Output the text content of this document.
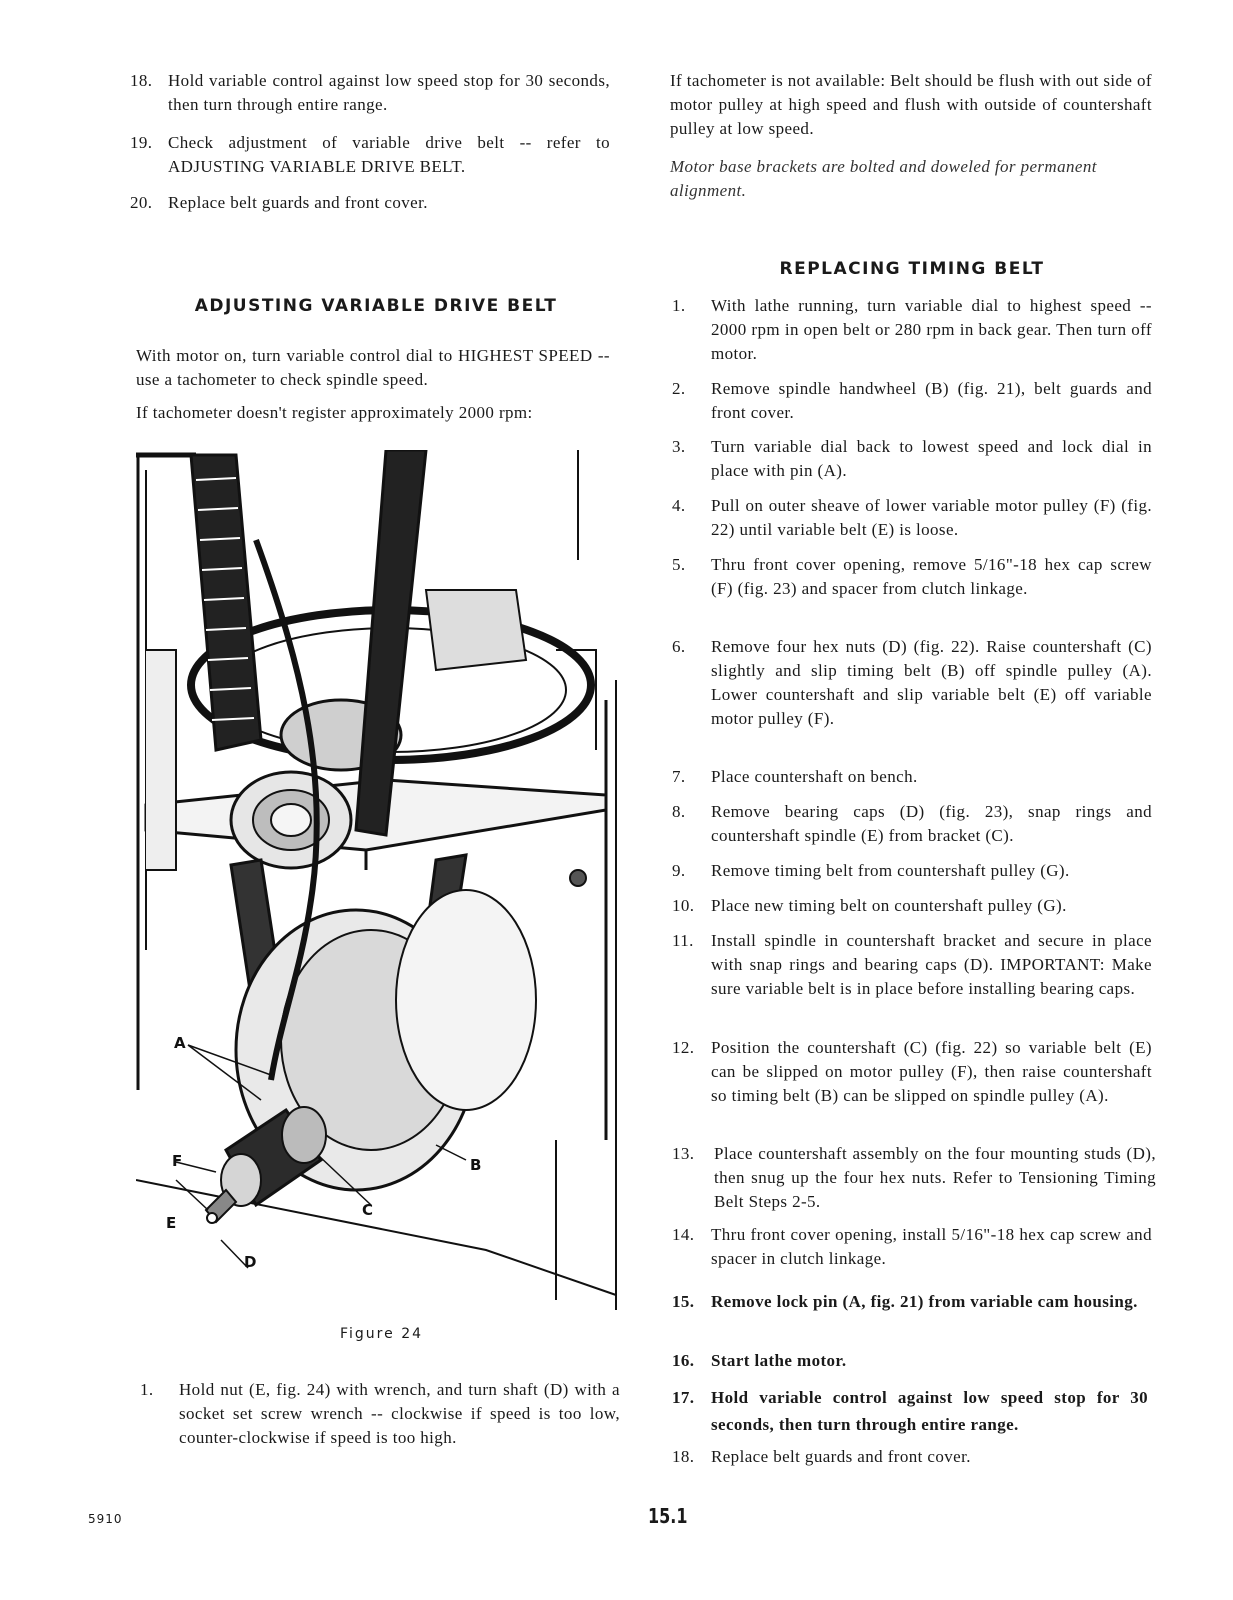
18. Hold variable control against low speed stop for 30 seconds, then turn through entire range.
19. Check adjustment of variable drive belt -- refer to ADJUSTING VARIABLE DRIVE BELT.
20. Replace belt guards and front cover.
If tachometer is not available: Belt should be flush with out side of motor pulley at high speed and flush with outside of countershaft pulley at low speed.
Motor base brackets are bolted and doweled for permanent alignment.
ADJUSTING VARIABLE DRIVE BELT
With motor on, turn variable control dial to HIGHEST SPEED -- use a tachometer to check spindle speed.
If tachometer doesn't register approximately 2000 rpm:
A
B
C
D
E
F
Figure 24
1. Hold nut (E, fig. 24) with wrench, and turn shaft (D) with a socket set screw wrench -- clockwise if speed is too low, counter-clockwise if speed is too high.
REPLACING TIMING BELT
1. With lathe running, turn variable dial to highest speed -- 2000 rpm in open belt or 280 rpm in back gear. Then turn off motor.
2. Remove spindle handwheel (B) (fig. 21), belt guards and front cover.
3. Turn variable dial back to lowest speed and lock dial in place with pin (A).
4. Pull on outer sheave of lower variable motor pulley (F) (fig. 22) until variable belt (E) is loose.
5. Thru front cover opening, remove 5/16"-18 hex cap screw (F) (fig. 23) and spacer from clutch linkage.
6. Remove four hex nuts (D) (fig. 22). Raise countershaft (C) slightly and slip timing belt (B) off spindle pulley (A). Lower countershaft and slip variable belt (E) off variable motor pulley (F).
7. Place countershaft on bench.
8. Remove bearing caps (D) (fig. 23), snap rings and countershaft spindle (E) from bracket (C).
9. Remove timing belt from countershaft pulley (G).
10. Place new timing belt on countershaft pulley (G).
11. Install spindle in countershaft bracket and secure in place with snap rings and bearing caps (D). IMPORTANT: Make sure variable belt is in place before installing bearing caps.
12. Position the countershaft (C) (fig. 22) so variable belt (E) can be slipped on motor pulley (F), then raise countershaft so timing belt (B) can be slipped on spindle pulley (A).
13. Place countershaft assembly on the four mounting studs (D), then snug up the four hex nuts. Refer to Tensioning Timing Belt Steps 2-5.
14. Thru front cover opening, install 5/16"-18 hex cap screw and spacer in clutch linkage.
15. Remove lock pin (A, fig. 21) from variable cam housing.
16. Start lathe motor.
17. Hold variable control against low speed stop for 30 seconds, then turn through entire range.
18. Replace belt guards and front cover.
5910	15.1
